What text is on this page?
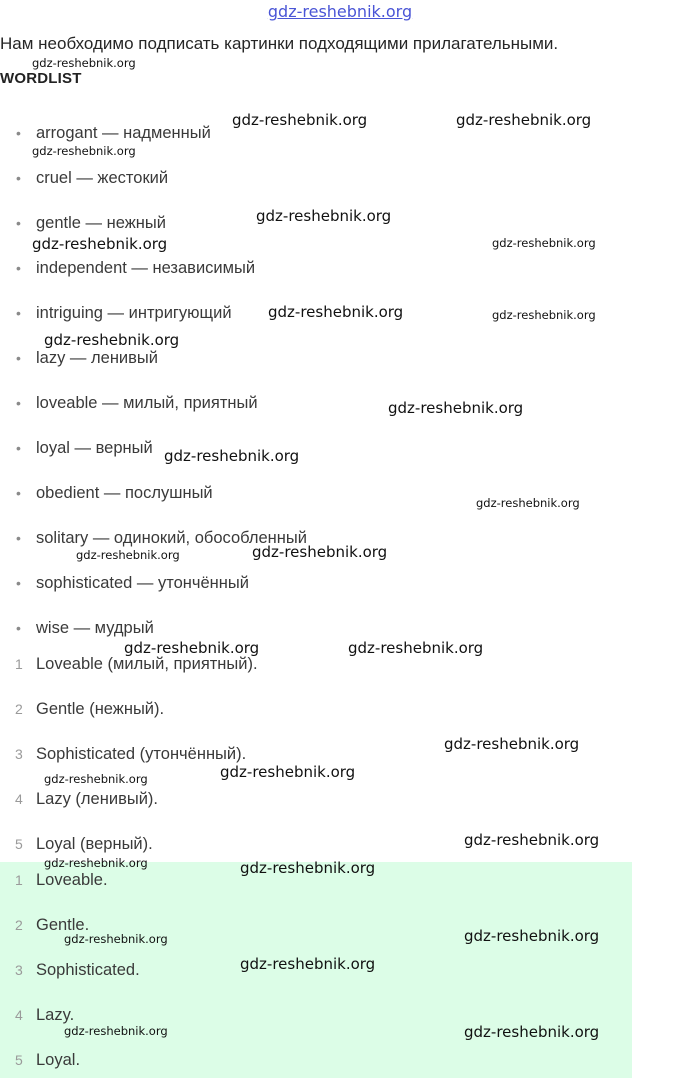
gdz-reshebnik.org
Нам необходимо подписать картинки подходящими прилагательными.
WORDLIST
• arrogant — надменный
• cruel — жестокий
• gentle — нежный
• independent — независимый
• intriguing — интригующий
• lazy — ленивый
• loveable — милый, приятный
• loyal — верный
• obedient — послушный
• solitary — одинокий, обособленный
• sophisticated — утончённый
• wise — мудрый
1 Loveable (милый, приятный).
2 Gentle (нежный).
3 Sophisticated (утончённый).
4 Lazy (ленивый).
5 Loyal (верный).
1 Loveable.
2 Gentle.
3 Sophisticated.
4 Lazy.
5 Loyal.
gdz-reshebnik.org
gdz-reshebnik.org	gdz-reshebnik.org
gdz-reshebnik.org
gdz-reshebnik.org
gdz-reshebnik.org	gdz-reshebnik.org
gdz-reshebnik.org	gdz-reshebnik.org
gdz-reshebnik.org
gdz-reshebnik.org
gdz-reshebnik.org
gdz-reshebnik.org
gdz-reshebnik.org	gdz-reshebnik.org
gdz-reshebnik.org	gdz-reshebnik.org
gdz-reshebnik.org
gdz-reshebnik.org	gdz-reshebnik.org
gdz-reshebnik.org
gdz-reshebnik.org	gdz-reshebnik.org
gdz-reshebnik.org	gdz-reshebnik.org
gdz-reshebnik.org
gdz-reshebnik.org	gdz-reshebnik.org
